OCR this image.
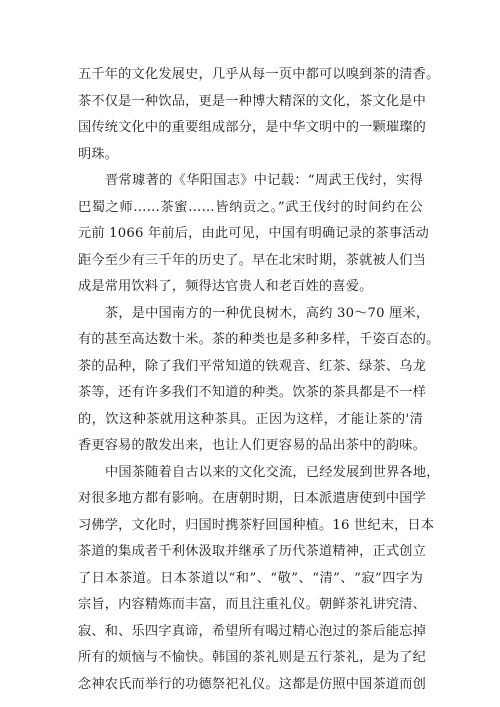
五千年的文化发展史，几乎从每一页中都可以嗅到茶的清香。
茶不仅是一种饮品，更是一种博大精深的文化，茶文化是中
国传统文化中的重要组成部分，是中华文明中的一颗璀璨的
明珠。
晋常璩著的《华阳国志》中记载：“周武王伐纣，实得
巴蜀之师……茶蜜……皆纳贡之。”武王伐纣的时间约在公
元前 1066 年前后，由此可见，中国有明确记录的茶事活动
距今至少有三千年的历史了。早在北宋时期，茶就被人们当
成是常用饮料了，频得达官贵人和老百姓的喜爱。
茶，是中国南方的一种优良树木，高约 30～70 厘米，
有的甚至高达数十米。茶的种类也是多种多样，千姿百态的。
茶的品种，除了我们平常知道的铁观音、红茶、绿茶、乌龙
茶等，还有许多我们不知道的种类。饮茶的茶具都是不一样
的，饮这种茶就用这种茶具。正因为这样，才能让茶的'清
香更容易的散发出来，也让人们更容易的品出茶中的韵味。
中国茶随着自古以来的文化交流，已经发展到世界各地，
对很多地方都有影响。在唐朝时期，日本派遣唐使到中国学
习佛学，文化时，归国时携茶籽回国种植。16 世纪末，日本
茶道的集成者千利休汲取并继承了历代茶道精神，正式创立
了日本茶道。日本茶道以“和”、“敬”、“清”、“寂”四字为
宗旨，内容精炼而丰富，而且注重礼仪。朝鲜茶礼讲究清、
寂、和、乐四字真谛，希望所有喝过精心泡过的茶后能忘掉
所有的烦恼与不愉快。韩国的茶礼则是五行茶礼，是为了纪
念神农氏而举行的功德祭祀礼仪。这都是仿照中国茶道而创
